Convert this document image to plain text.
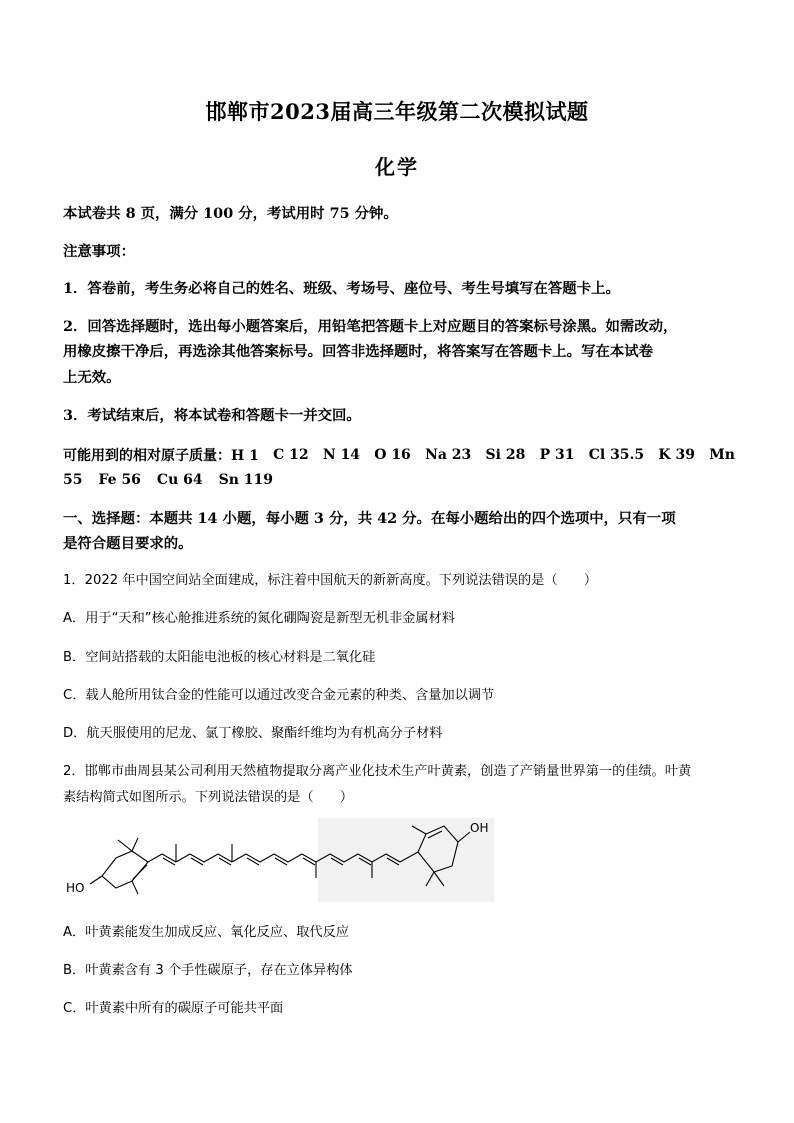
邯郸市2023届高三年级第二次模拟试题
化学
本试卷共 8 页，满分 100 分，考试用时 75 分钟。
注意事项：
1．答卷前，考生务必将自己的姓名、班级、考场号、座位号、考生号填写在答题卡上。
2．回答选择题时，选出每小题答案后，用铅笔把答题卡上对应题目的答案标号涂黑。如需改动，
用橡皮擦干净后，再选涂其他答案标号。回答非选择题时，将答案写在答题卡上。写在本试卷
上无效。
3．考试结束后，将本试卷和答题卡一并交回。
可能用到的相对原子质量：H 1 C 12 N 14 O 16 Na 23 Si 28 P 31 Cl 35.5 K 39 Mn
55 Fe 56 Cu 64 Sn 119
一、选择题：本题共 14 小题，每小题 3 分，共 42 分。在每小题给出的四个选项中，只有一项
是符合题目要求的。
1．2022 年中国空间站全面建成，标注着中国航天的新新高度。下列说法错误的是（　　）
A．用于“天和”核心舱推进系统的氮化硼陶瓷是新型无机非金属材料
B．空间站搭载的太阳能电池板的核心材料是二氧化硅
C．载人舱所用钛合金的性能可以通过改变合金元素的种类、含量加以调节
D．航天服使用的尼龙、氯丁橡胶、聚酯纤维均为有机高分子材料
2．邯郸市曲周县某公司利用天然植物提取分离产业化技术生产叶黄素，创造了产销量世界第一的佳绩。叶黄
素结构简式如图所示。下列说法错误的是（　　）
HO
OH
A．叶黄素能发生加成反应、氧化反应、取代反应
B．叶黄素含有 3 个手性碳原子，存在立体异构体
C．叶黄素中所有的碳原子可能共平面
